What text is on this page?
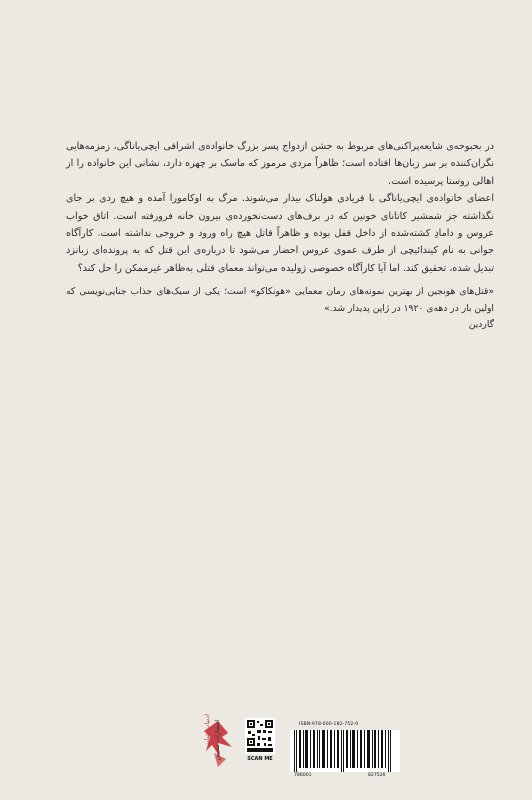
در بحبوحه‌ی شایعه‌پراکنی‌های مربوط به جشن ازدواج پسر بزرگ خانواده‌ی اشرافی ایچی‌یاناگی، زمزمه‌هایی نگران‌کننده بر سر زبان‌ها افتاده است؛ ظاهراً مردی مرموز که ماسک بر چهره دارد، نشانی این خانواده را از اهالی روستا پرسیده است.

اعضای خانواده‌ی ایچی‌یاناگی با فریادی هولناک بیدار می‌شوند. مرگ به اوکامورا آمده و هیچ ردی بر جای نگذاشته جز شمشیر کاتانای خونین که در برف‌های دست‌نخورده‌ی بیرون خانه فرورفته است. اتاق خواب عروس و دامادِ کشته‌شده از داخل قفل بوده و ظاهراً قاتل هیچ راه ورود و خروجی نداشته است. کارآگاه جوانی به نام کیندائیچی از طرف عموی عروس احضار می‌شود تا درباره‌ی این قتل که به پرونده‌ای زبانزد تبدیل شده، تحقیق کند. اما آیا کارآگاه خصوصی ژولیده می‌تواند معمای قتلی به‌ظاهر غیرممکن را حل کند؟

«قتل‌های هونجین از بهترین نمونه‌های رمان معمایی «هونکاکو» است؛ یکی از سبک‌های جذاب جنایی‌نویسی که اولین بار در دهه‌ی ۱۹۲۰ در ژاپن پدیدار شد.»

گاردین

ادبیات جنایی انتشارات تندیس	SCAN ME
ISBN:978-600-182-752-0
786001	827520
